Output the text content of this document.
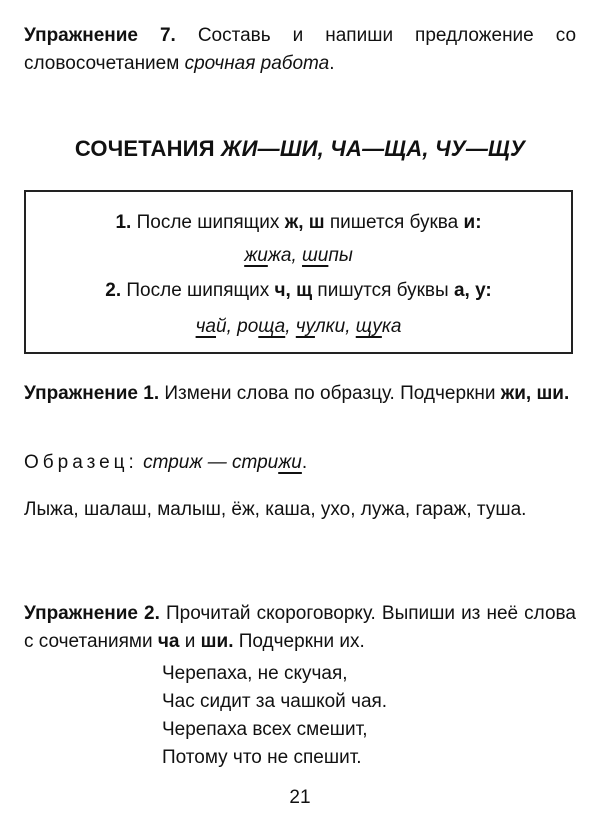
Упражнение 7. Составь и напиши предложение со словосочетанием срочная работа.
СОЧЕТАНИЯ ЖИ—ШИ, ЧА—ЩА, ЧУ—ЩУ
1. После шипящих ж, ш пишется буква и:
жижа, шипы
2. После шипящих ч, щ пишутся буквы а, у:
чай, роща, чулки, щука
Упражнение 1. Измени слова по образцу. Подчеркни жи, ши.
Образец: стриж — стрижи.
Лыжа, шалаш, малыш, ёж, каша, ухо, лужа, гараж, туша.
Упражнение 2. Прочитай скороговорку. Выпиши из неё слова с сочетаниями ча и ши. Подчеркни их.
Черепаха, не скучая,
Час сидит за чашкой чая.
Черепаха всех смешит,
Потому что не спешит.
21
